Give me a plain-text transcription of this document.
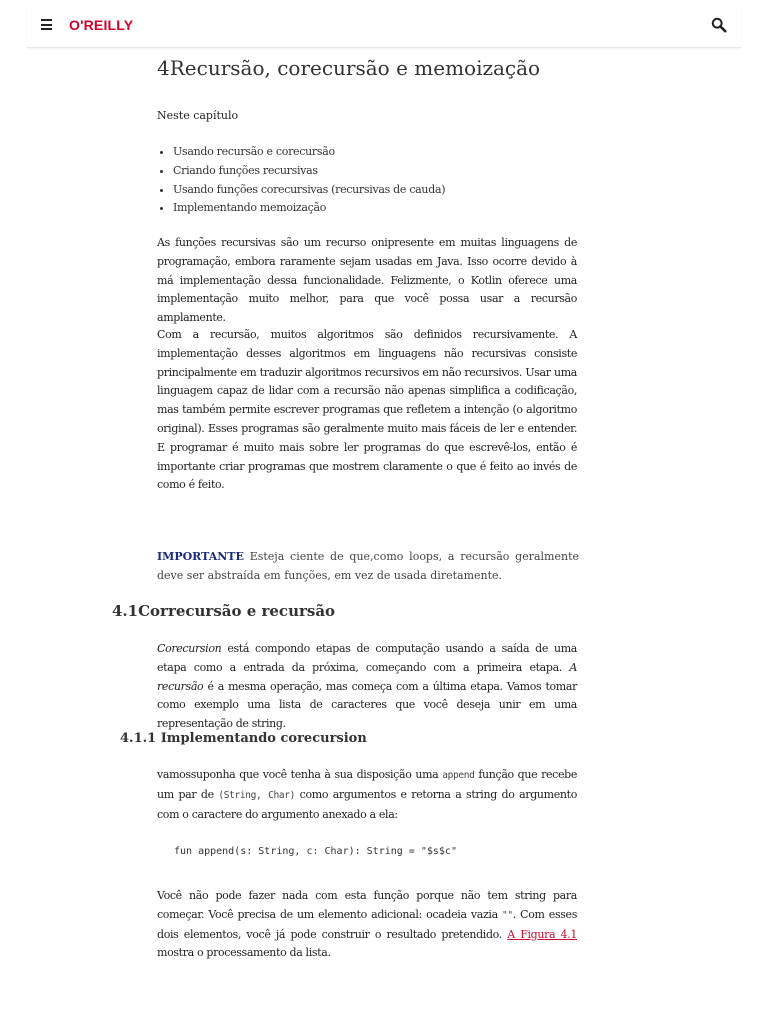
O'REILLY
4Recursão, corecursão e memoização
Neste capítulo
• Usando recursão e corecursão
• Criando funções recursivas
• Usando funções corecursivas (recursivas de cauda)
• Implementando memoização

As funções recursivas são um recurso onipresente em muitas linguagens de programação, embora raramente sejam usadas em Java. Isso ocorre devido à má implementação dessa funcionalidade. Felizmente, o Kotlin oferece uma implementação muito melhor, para que você possa usar a recursão amplamente.

Com a recursão, muitos algoritmos são definidos recursivamente. A implementação desses algoritmos em linguagens não recursivas consiste principalmente em traduzir algoritmos recursivos em não recursivos. Usar uma linguagem capaz de lidar com a recursão não apenas simplifica a codificação, mas também permite escrever programas que refletem a intenção (o algoritmo original). Esses programas são geralmente muito mais fáceis de ler e entender. E programar é muito mais sobre ler programas do que escrevê-los, então é importante criar programas que mostrem claramente o que é feito ao invés de como é feito.

IMPORTANTE Esteja ciente de que,como loops, a recursão geralmente deve ser abstraída em funções, em vez de usada diretamente.

4.1Correcursão e recursão

Corecursion está compondo etapas de computação usando a saída de uma etapa como a entrada da próxima, começando com a primeira etapa. A recursão é a mesma operação, mas começa com a última etapa. Vamos tomar como exemplo uma lista de caracteres que você deseja unir em uma representação de string.

4.1.1 Implementando corecursion

vamossuponha que você tenha à sua disposição uma append função que recebe um par de (String, Char) como argumentos e retorna a string do argumento com o caractere do argumento anexado a ela:

fun append(s: String, c: Char): String = "$s$c"

Você não pode fazer nada com esta função porque não tem string para começar. Você precisa de um elemento adicional: ocadeia vazia "". Com esses dois elementos, você já pode construir o resultado pretendido. A Figura 4.1 mostra o processamento da lista.
